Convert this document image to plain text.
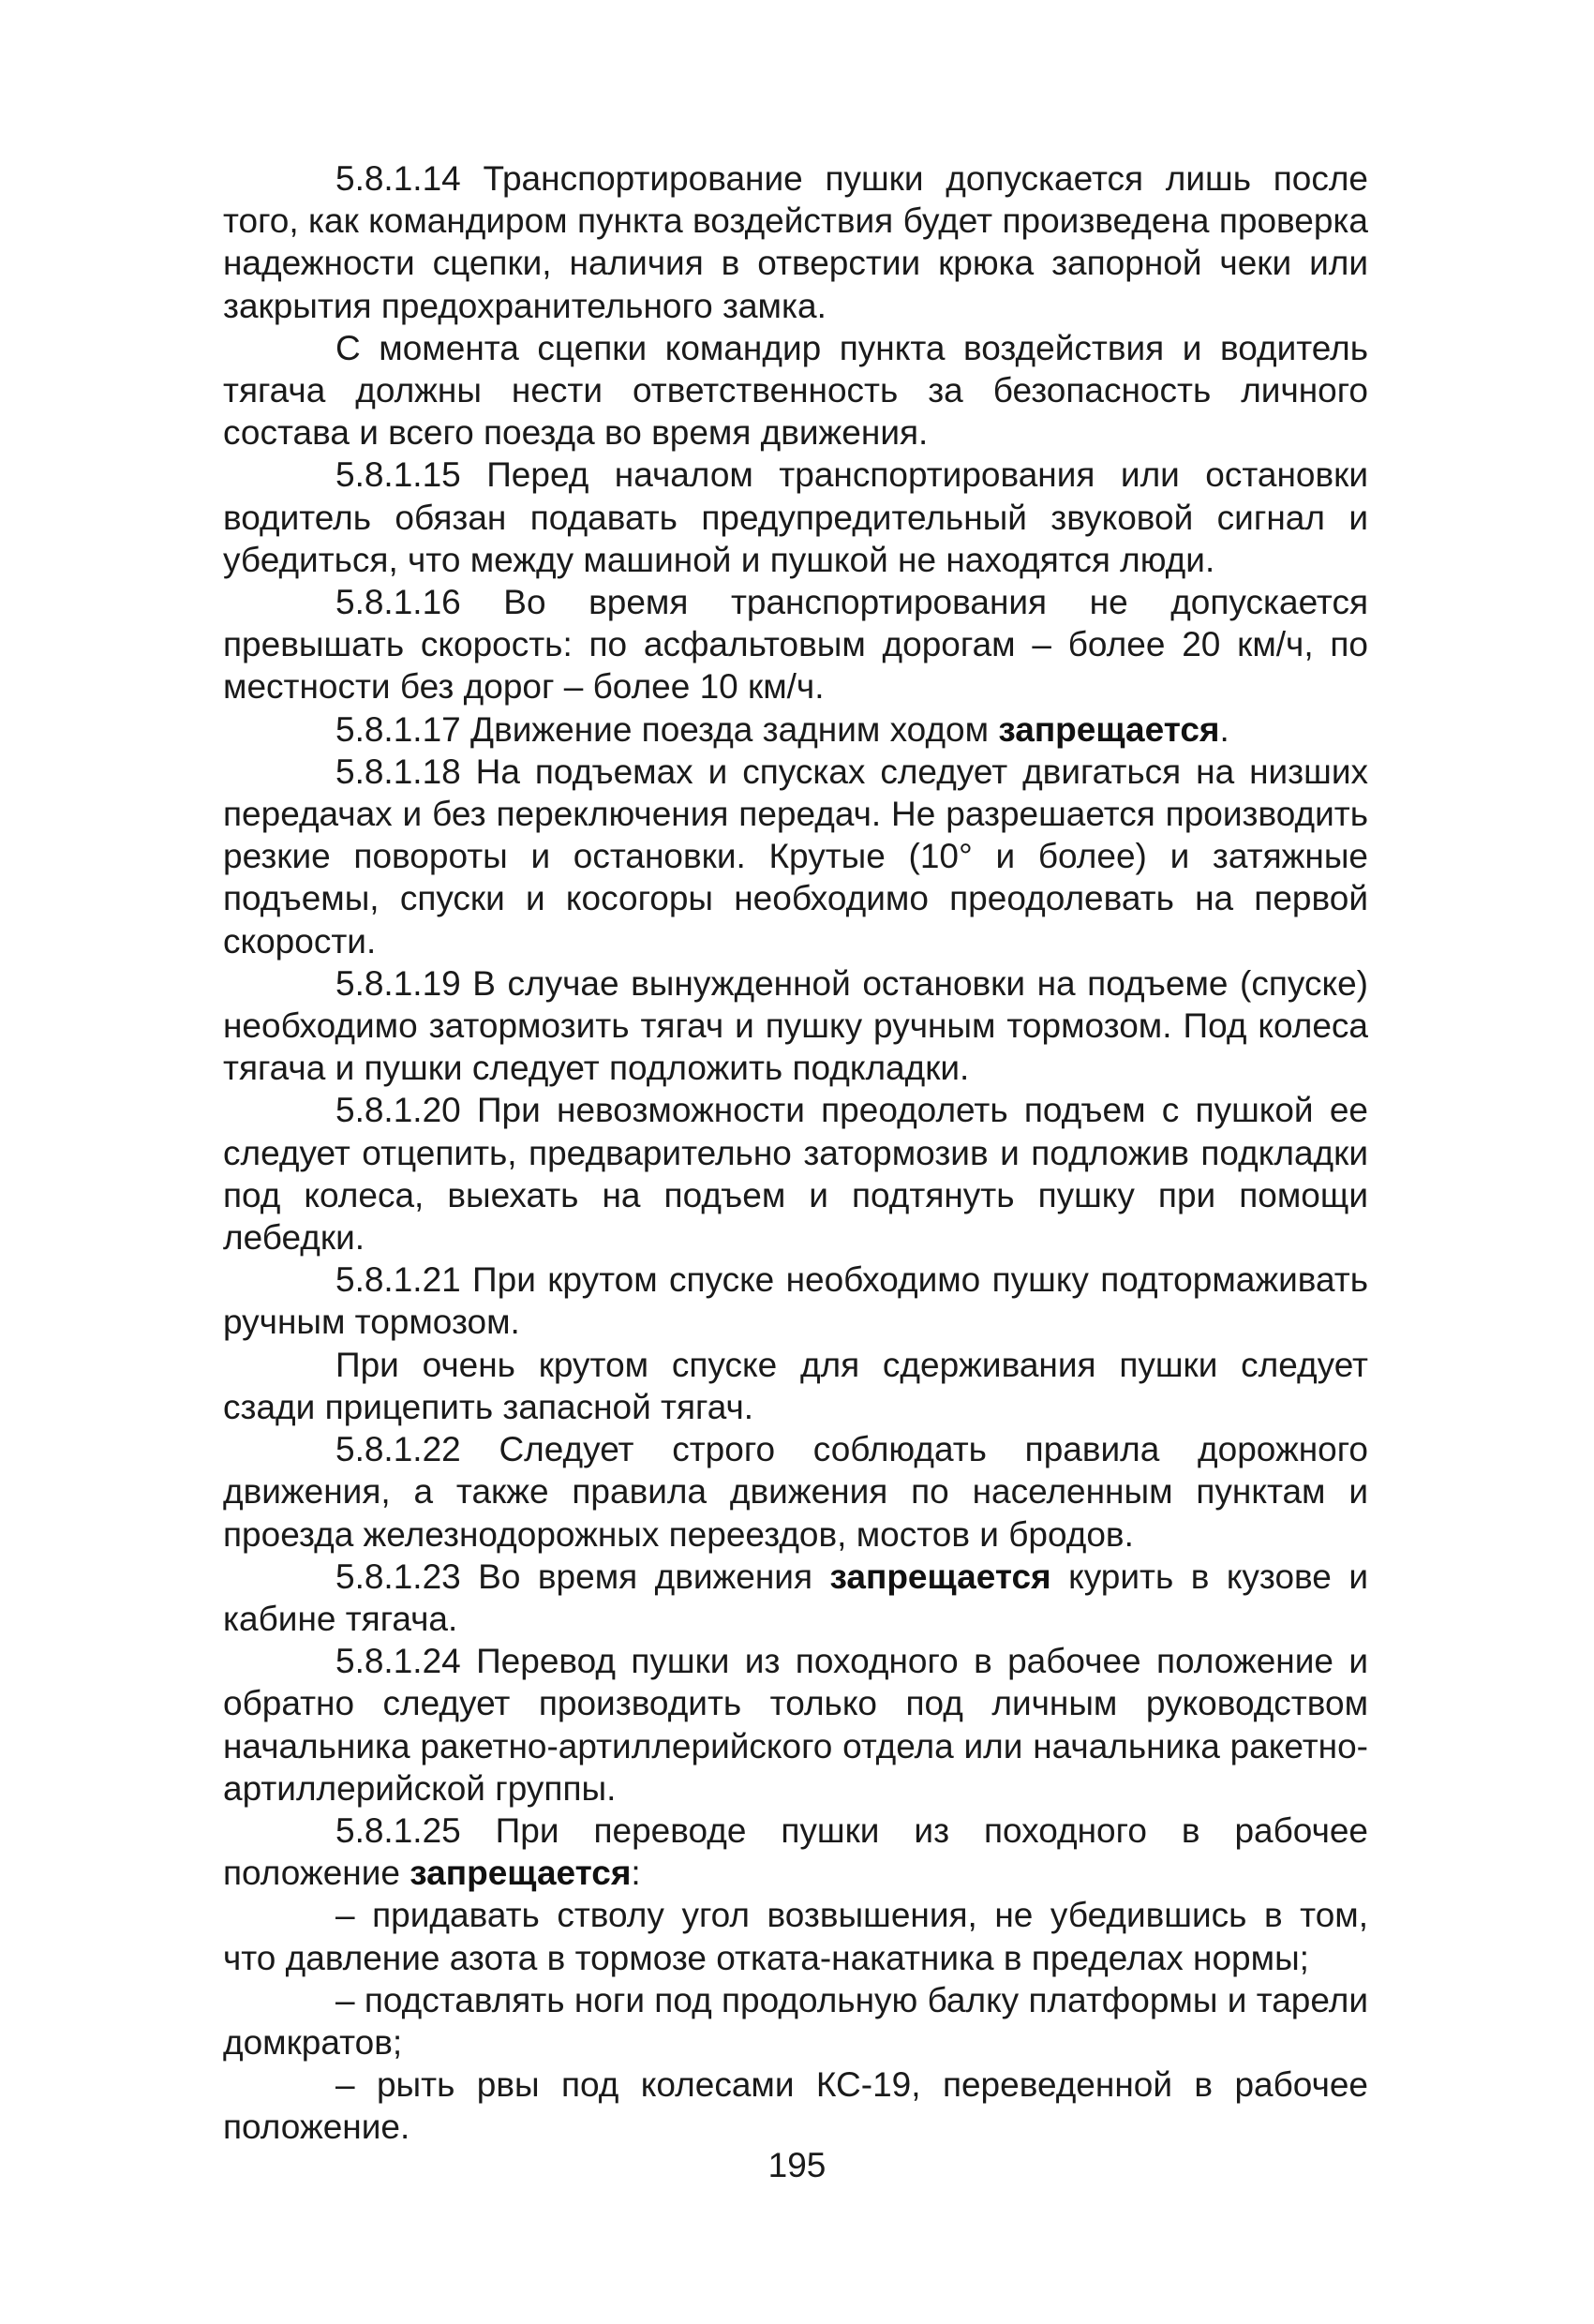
5.8.1.14 Транспортирование пушки допускается лишь после того, как командиром пункта воздействия будет произведена проверка надежности сцепки, наличия в отверстии крюка запорной чеки или закрытия предохранительного замка.

С момента сцепки командир пункта воздействия и водитель тягача должны нести ответственность за безопасность личного состава и всего поезда во время движения.

5.8.1.15 Перед началом транспортирования или остановки водитель обязан подавать предупредительный звуковой сигнал и убедиться, что между машиной и пушкой не находятся люди.

5.8.1.16 Во время транспортирования не допускается превышать скорость: по асфальтовым дорогам – более 20 км/ч, по местности без дорог – более 10 км/ч.

5.8.1.17 Движение поезда задним ходом запрещается.

5.8.1.18 На подъемах и спусках следует двигаться на низших передачах и без переключения передач. Не разрешается производить резкие повороты и остановки. Крутые (10° и более) и затяжные подъемы, спуски и косогоры необходимо преодолевать на первой скорости.

5.8.1.19 В случае вынужденной остановки на подъеме (спуске) необходимо затормозить тягач и пушку ручным тормозом. Под колеса тягача и пушки следует подложить подкладки.

5.8.1.20 При невозможности преодолеть подъем с пушкой ее следует отцепить, предварительно затормозив и подложив подкладки под колеса, выехать на подъем и подтянуть пушку при помощи лебедки.

5.8.1.21 При крутом спуске необходимо пушку подтормаживать ручным тормозом.

При очень крутом спуске для сдерживания пушки следует сзади прицепить запасной тягач.

5.8.1.22 Следует строго соблюдать правила дорожного движения, а также правила движения по населенным пунктам и проезда железнодорожных переездов, мостов и бродов.

5.8.1.23 Во время движения запрещается курить в кузове и кабине тягача.

5.8.1.24 Перевод пушки из походного в рабочее положение и обратно следует производить только под личным руководством начальника ракетно-артиллерийского отдела или начальника ракетно-артиллерийской группы.

5.8.1.25 При переводе пушки из походного в рабочее положение запрещается:

– придавать стволу угол возвышения, не убедившись в том, что давление азота в тормозе отката-накатника в пределах нормы;

– подставлять ноги под продольную балку платформы и тарели домкратов;

– рыть рвы под колесами КС-19, переведенной в рабочее положение.

195
